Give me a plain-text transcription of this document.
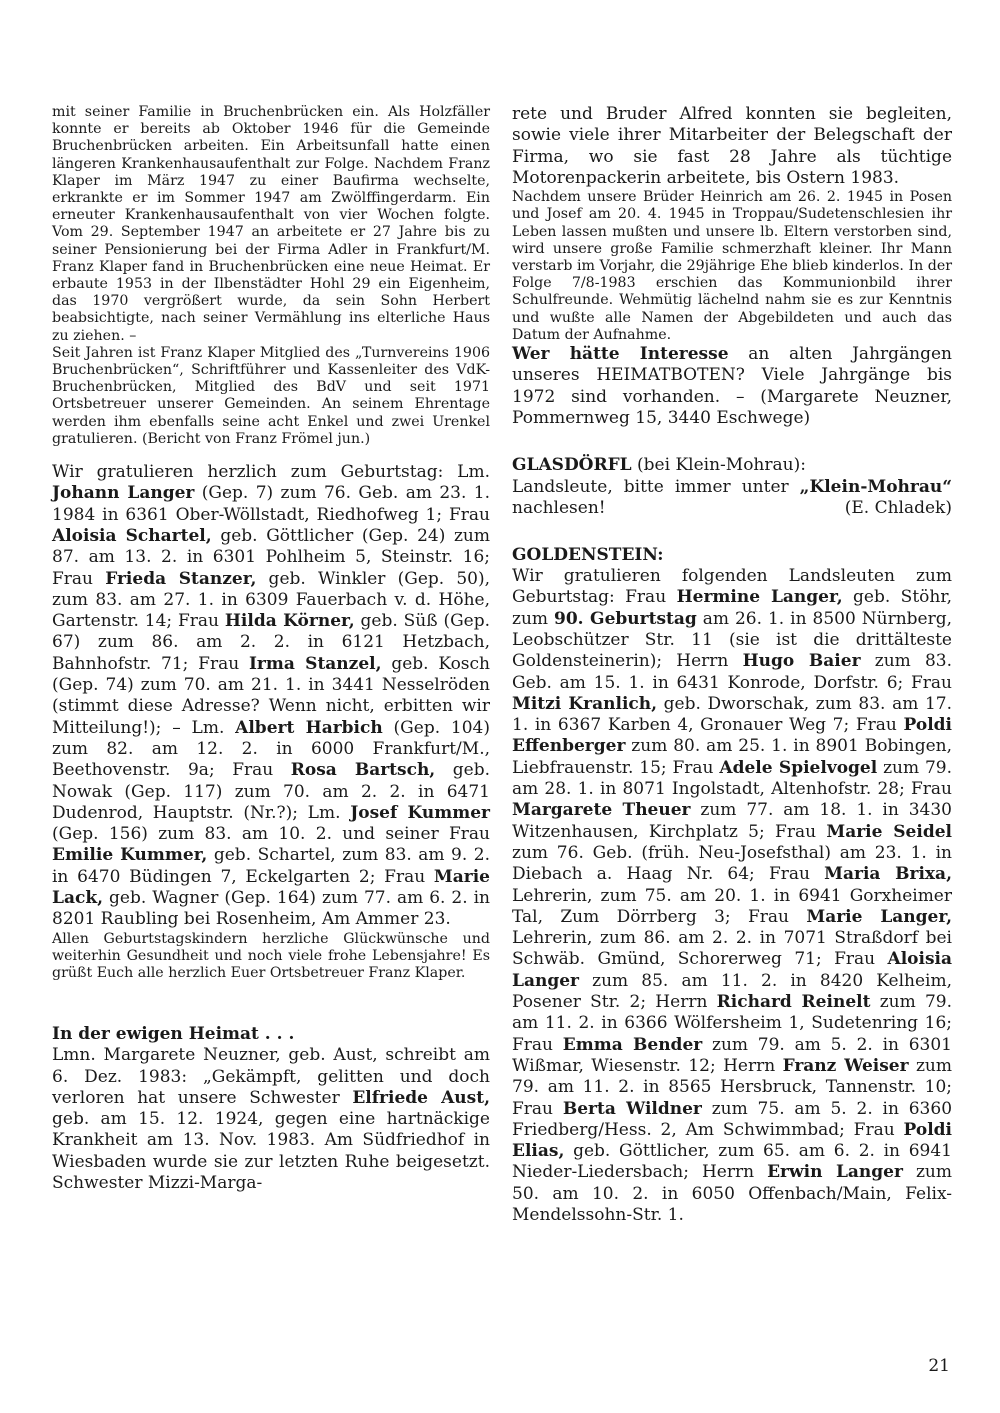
mit seiner Familie in Bruchenbrücken ein. Als Holzfäller konnte er bereits ab Oktober 1946 für die Gemeinde Bruchenbrücken arbeiten. Ein Arbeitsunfall hatte einen längeren Krankenhausaufenthalt zur Folge. Nachdem Franz Klaper im März 1947 zu einer Baufirma wechselte, erkrankte er im Sommer 1947 am Zwölffingerdarm. Ein erneuter Krankenhausaufenthalt von vier Wochen folgte. Vom 29. September 1947 an arbeitete er 27 Jahre bis zu seiner Pensionierung bei der Firma Adler in Frankfurt/M. Franz Klaper fand in Bruchenbrücken eine neue Heimat. Er erbaute 1953 in der Ilbenstädter Hohl 29 ein Eigenheim, das 1970 vergrößert wurde, da sein Sohn Herbert beabsichtigte, nach seiner Vermählung ins elterliche Haus zu ziehen. –

Seit Jahren ist Franz Klaper Mitglied des „Turnvereins 1906 Bruchenbrücken“, Schriftführer und Kassenleiter des VdK-Bruchenbrücken, Mitglied des BdV und seit 1971 Ortsbetreuer unserer Gemeinden. An seinem Ehrentage werden ihm ebenfalls seine acht Enkel und zwei Urenkel gratulieren. (Bericht von Franz Frömel jun.)

Wir gratulieren herzlich zum Geburtstag: Lm. Johann Langer (Gep. 7) zum 76. Geb. am 23. 1. 1984 in 6361 Ober-Wöllstadt, Riedhofweg 1; Frau Aloisia Schartel, geb. Göttlicher (Gep. 24) zum 87. am 13. 2. in 6301 Pohlheim 5, Steinstr. 16; Frau Frieda Stanzer, geb. Winkler (Gep. 50), zum 83. am 27. 1. in 6309 Fauerbach v. d. Höhe, Gartenstr. 14; Frau Hilda Körner, geb. Süß (Gep. 67) zum 86. am 2. 2. in 6121 Hetzbach, Bahnhofstr. 71; Frau Irma Stanzel, geb. Kosch (Gep. 74) zum 70. am 21. 1. in 3441 Nesselröden (stimmt diese Adresse? Wenn nicht, erbitten wir Mitteilung!); – Lm. Albert Harbich (Gep. 104) zum 82. am 12. 2. in 6000 Frankfurt/M., Beethovenstr. 9a; Frau Rosa Bartsch, geb. Nowak (Gep. 117) zum 70. am 2. 2. in 6471 Dudenrod, Hauptstr. (Nr.?); Lm. Josef Kummer (Gep. 156) zum 83. am 10. 2. und seiner Frau Emilie Kummer, geb. Schartel, zum 83. am 9. 2. in 6470 Büdingen 7, Eckelgarten 2; Frau Marie Lack, geb. Wagner (Gep. 164) zum 77. am 6. 2. in 8201 Raubling bei Rosenheim, Am Ammer 23.

Allen Geburtstagskindern herzliche Glückwünsche und weiterhin Gesundheit und noch viele frohe Lebensjahre! Es grüßt Euch alle herzlich Euer Ortsbetreuer Franz Klaper.

In der ewigen Heimat . . .

Lmn. Margarete Neuzner, geb. Aust, schreibt am 6. Dez. 1983: „Gekämpft, gelitten und doch verloren hat unsere Schwester Elfriede Aust, geb. am 15. 12. 1924, gegen eine hartnäckige Krankheit am 13. Nov. 1983. Am Südfriedhof in Wiesbaden wurde sie zur letzten Ruhe beigesetzt. Schwester Mizzi-Marga-

rete und Bruder Alfred konnten sie begleiten, sowie viele ihrer Mitarbeiter der Belegschaft der Firma, wo sie fast 28 Jahre als tüchtige Motorenpackerin arbeitete, bis Ostern 1983.

Nachdem unsere Brüder Heinrich am 26. 2. 1945 in Posen und Josef am 20. 4. 1945 in Troppau/Sudetenschlesien ihr Leben lassen mußten und unsere lb. Eltern verstorben sind, wird unsere große Familie schmerzhaft kleiner. Ihr Mann verstarb im Vorjahr, die 29jährige Ehe blieb kinderlos. In der Folge 7/8-1983 erschien das Kommunionbild ihrer Schulfreunde. Wehmütig lächelnd nahm sie es zur Kenntnis und wußte alle Namen der Abgebildeten und auch das Datum der Aufnahme.

Wer hätte Interesse an alten Jahrgängen unseres HEIMATBOTEN? Viele Jahrgänge bis 1972 sind vorhanden. – (Margarete Neuzner, Pommernweg 15, 3440 Eschwege)

GLASDÖRFL (bei Klein-Mohrau):

Landsleute, bitte immer unter „Klein-Mohrau“ nachlesen!	(E. Chladek)

GOLDENSTEIN:

Wir gratulieren folgenden Landsleuten zum Geburtstag: Frau Hermine Langer, geb. Stöhr, zum 90. Geburtstag am 26. 1. in 8500 Nürnberg, Leobschützer Str. 11 (sie ist die drittälteste Goldensteinerin); Herrn Hugo Baier zum 83. Geb. am 15. 1. in 6431 Konrode, Dorfstr. 6; Frau Mitzi Kranlich, geb. Dworschak, zum 83. am 17. 1. in 6367 Karben 4, Gronauer Weg 7; Frau Poldi Effenberger zum 80. am 25. 1. in 8901 Bobingen, Liebfrauenstr. 15; Frau Adele Spielvogel zum 79. am 28. 1. in 8071 Ingolstadt, Altenhofstr. 28; Frau Margarete Theuer zum 77. am 18. 1. in 3430 Witzenhausen, Kirchplatz 5; Frau Marie Seidel zum 76. Geb. (früh. Neu-Josefsthal) am 23. 1. in Diebach a. Haag Nr. 64; Frau Maria Brixa, Lehrerin, zum 75. am 20. 1. in 6941 Gorxheimer Tal, Zum Dörrberg 3; Frau Marie Langer, Lehrerin, zum 86. am 2. 2. in 7071 Straßdorf bei Schwäb. Gmünd, Schorerweg 71; Frau Aloisia Langer zum 85. am 11. 2. in 8420 Kelheim, Posener Str. 2; Herrn Richard Reinelt zum 79. am 11. 2. in 6366 Wölfersheim 1, Sudetenring 16; Frau Emma Bender zum 79. am 5. 2. in 6301 Wißmar, Wiesenstr. 12; Herrn Franz Weiser zum 79. am 11. 2. in 8565 Hersbruck, Tannenstr. 10; Frau Berta Wildner zum 75. am 5. 2. in 6360 Friedberg/Hess. 2, Am Schwimmbad; Frau Poldi Elias, geb. Göttlicher, zum 65. am 6. 2. in 6941 Nieder-Liedersbach; Herrn Erwin Langer zum 50. am 10. 2. in 6050 Offenbach/Main, Felix-Mendelssohn-Str. 1.

21
